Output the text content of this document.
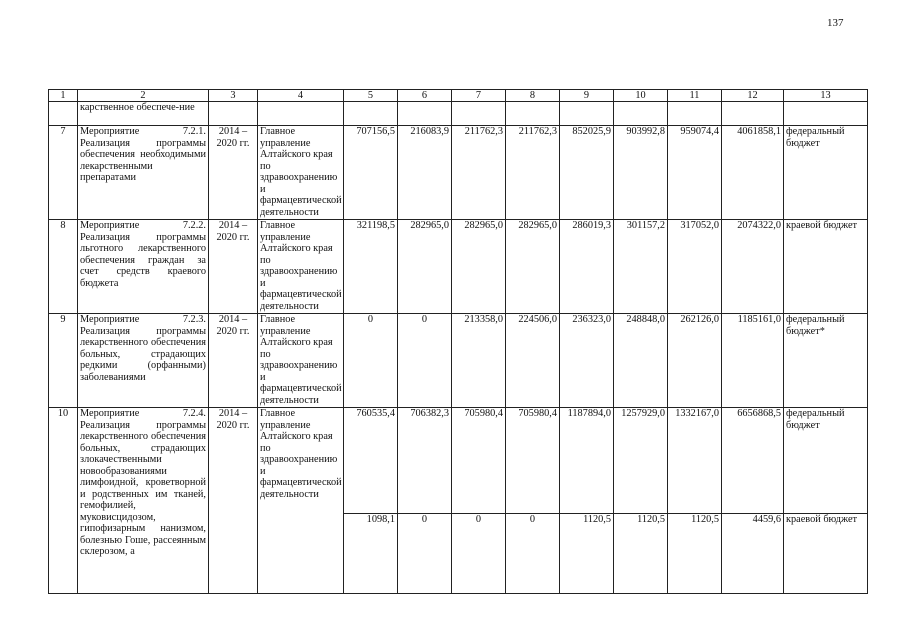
137
1	2	3	4	5	6	7	8	9	10	11	12	13
	карственное обеспече-ние											
7	Мероприятие 7.2.1. Реализация программы обеспечения необходимыми лекарственными препаратами	2014 – 2020 гг.	Главное управление Алтайского края по здравоохранению и фармацевтической деятельности	707156,5	216083,9	211762,3	211762,3	852025,9	903992,8	959074,4	4061858,1	федеральный бюджет
8	Мероприятие 7.2.2. Реализация программы льготного лекарственного обеспечения граждан за счет средств краевого бюджета	2014 – 2020 гг.	Главное управление Алтайского края по здравоохранению и фармацевтической деятельности	321198,5	282965,0	282965,0	282965,0	286019,3	301157,2	317052,0	2074322,0	краевой бюджет
9	Мероприятие 7.2.3. Реализация программы лекарственного обеспечения больных, страдающих редкими (орфанными) заболеваниями	2014 – 2020 гг.	Главное управление Алтайского края по здравоохранению и фармацевтической деятельности	0	0	213358,0	224506,0	236323,0	248848,0	262126,0	1185161,0	федеральный бюджет*
10	Мероприятие 7.2.4. Реализация программы лекарственного обеспечения больных, страдающих злокачественными новообразованиями лимфоидной, кроветворной и родственных им тканей, гемофилией, муковисцидозом, гипофизарным нанизмом, болезнью Гоше, рассеянным склерозом, а	2014 – 2020 гг.	Главное управление Алтайского края по здравоохранению и фармацевтической деятельности	760535,4	706382,3	705980,4	705980,4	1187894,0	1257929,0	1332167,0	6656868,5	федеральный бюджет
				1098,1	0	0	0	1120,5	1120,5	1120,5	4459,6	краевой бюджет
